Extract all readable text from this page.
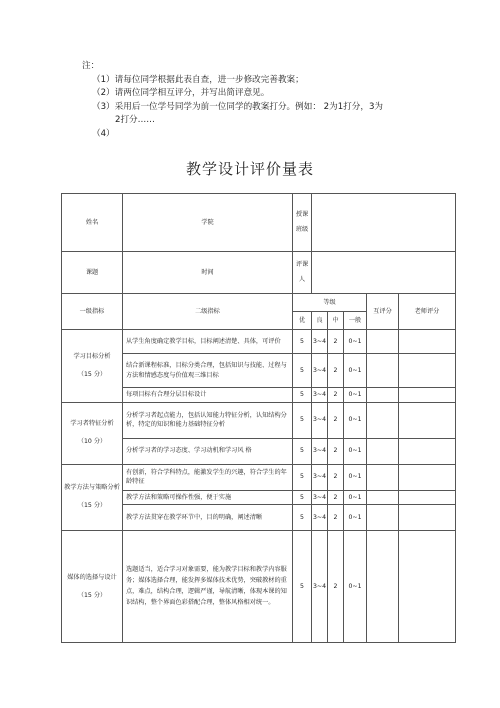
注：
（1）请每位同学根据此表自查，进一步修改完善教案；
（2）请两位同学相互评分，并写出简评意见。
（3）采用后一位学号同学为前一位同学的教案打分。例如： 2为1打分，3为
2打分……
（4）
教学设计评价量表
姓名	学院	授课班级					
课题	时间	评课人					
一级指标	二级指标	等级				互评分	老师评分
		优	良	中	一般		
学习目标分析
（15 分）	从学生角度确定教学目标，目标阐述清楚、具体，可评价	5	3~4	2	0~1		
	结合新课程标准，目标分类合理，包括知识与技能、过程与方法和情感态度与价值观三维目标	5	3~4	2	0~1		
	每项目标有合理分层目标设计	5	3~4	2	0~1		
学习者特征分析
（10 分）	分析学习者起点能力，包括认知能力特征分析，认知结构分析，特定的知识和能力基础特征分析	5	3~4	2	0~1		
	分析学习者的学习态度、学习动机和学习风 格	5	3~4	2	0~1		
教学方法与策略分析
（15 分）	有创新，符合学科特点，能激发学生的兴趣，符合学生的年龄特征	5	3~4	2	0~1		
	教学方法和策略可操作性强，便于实施	5	3~4	2	0~1		
	教学方法贯穿在教学环节中，目的明确，阐述清晰	5	3~4	2	0~1		
媒体的选择与设计
（15 分）	选题适当，适合学习对象需要，能为教学目标和教学内容服务；媒体选择合理，能发挥多媒体技术优势，突破教材的重点，难点，结构合理，逻辑严谨，导航清晰，体现本课的知识结构，整个界面色彩搭配合理，整体风格相对统一。	5	3~4	2	0~1		
